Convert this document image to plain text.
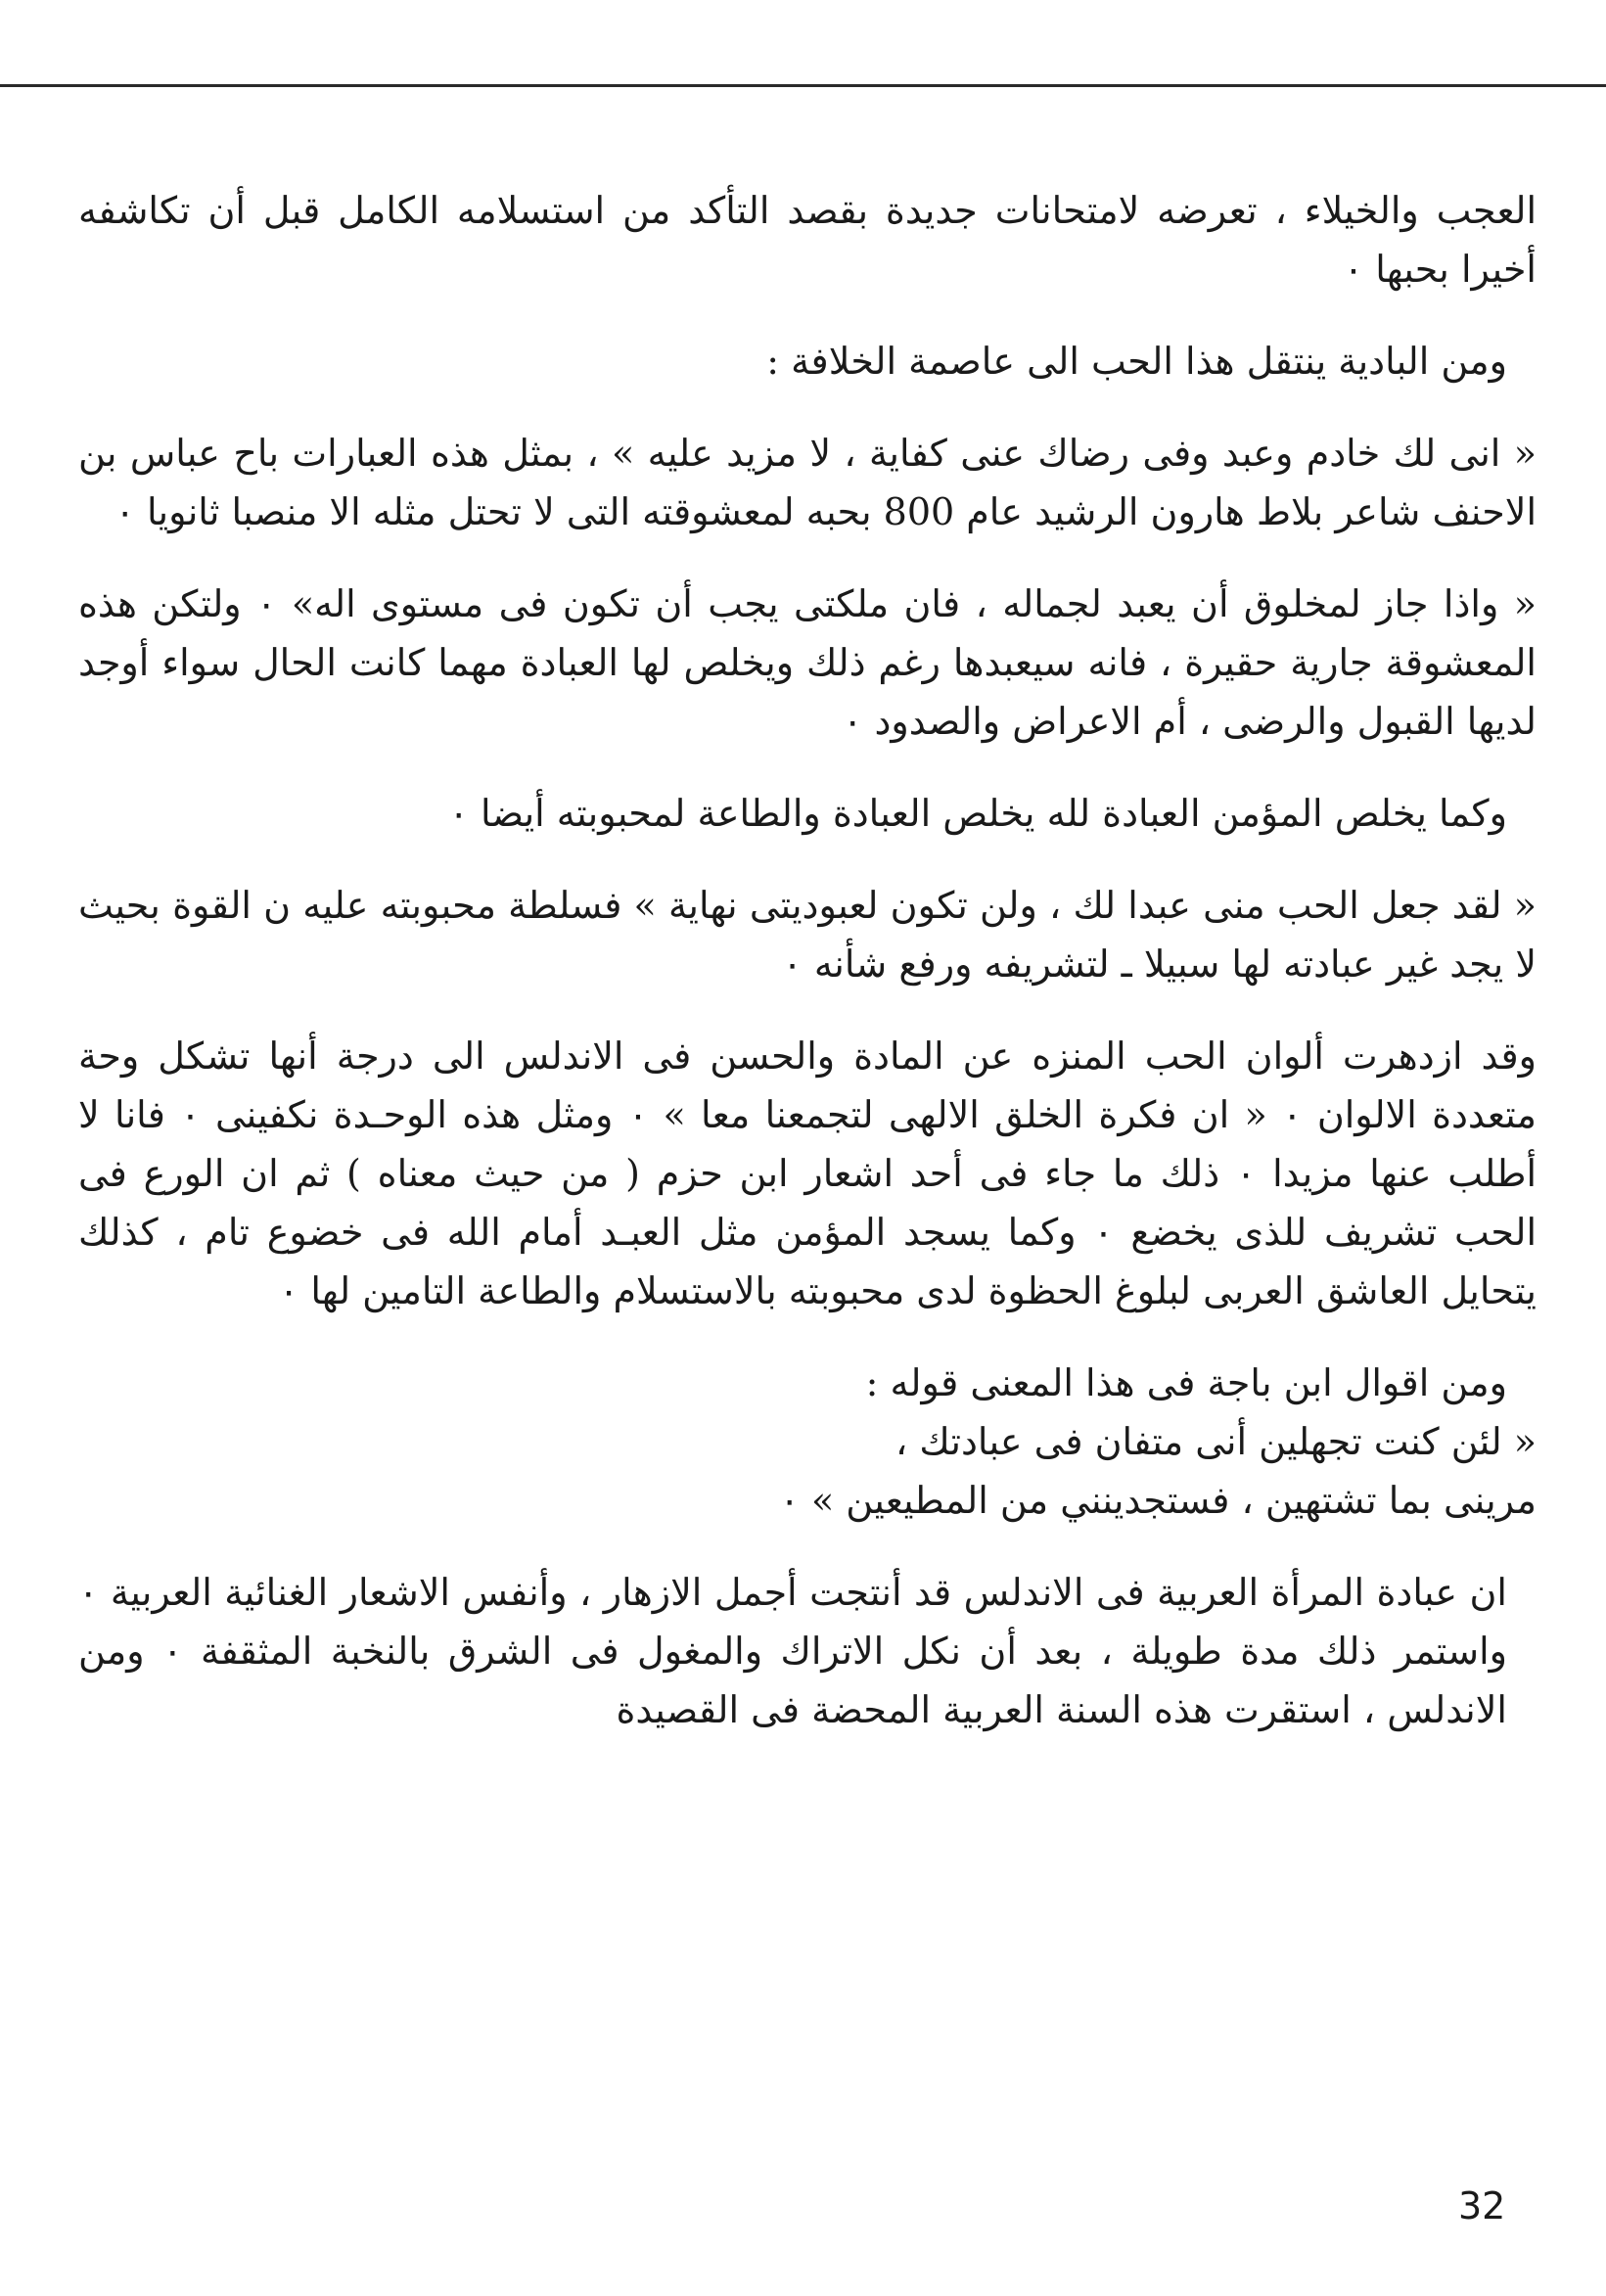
العجب والخيلاء ، تعرضه لامتحانات جديدة بقصد التأكد من استسلامه الكامل قبل أن تكاشفه أخيرا بحبها ٠

ومن البادية ينتقل هذا الحب الى عاصمة الخلافة :

« انى لك خادم وعبد وفى رضاك عنى كفاية ، لا مزيد عليه » ، بمثل هذه العبارات باح عباس بن الاحنف شاعر بلاط هارون الرشيد عام 800 بحبه لمعشوقته التى لا تحتل مثله الا منصبا ثانويا ٠

« واذا جاز لمخلوق أن يعبد لجماله ، فان ملكتى يجب أن تكون فى مستوى اله» ٠ ولتكن هذه المعشوقة جارية حقيرة ، فانه سيعبدها رغم ذلك ويخلص لها العبادة مهما كانت الحال سواء أوجد لديها القبول والرضى ، أم الاعراض والصدود ٠

وكما يخلص المؤمن العبادة لله يخلص العبادة والطاعة لمحبوبته أيضا ٠

« لقد جعل الحب منى عبدا لك ، ولن تكون لعبوديتى نهاية » فسلطة محبوبته عليه ن القوة بحيث لا يجد غير عبادته لها سبيلا ـ لتشريفه ورفع شأنه ٠

وقد ازدهرت ألوان الحب المنزه عن المادة والحسن فى الاندلس الى درجة أنها تشكل وحة متعددة الالوان ٠ « ان فكرة الخلق الالهى لتجمعنا معا » ٠ ومثل هذه الوحـدة نكفينى ٠ فانا لا أطلب عنها مزيدا ٠ ذلك ما جاء فى أحد اشعار ابن حزم ( من حيث معناه ) ثم ان الورع فى الحب تشريف للذى يخضع ٠ وكما يسجد المؤمن مثل العبـد أمام الله فى خضوع تام ، كذلك يتحايل العاشق العربى لبلوغ الحظوة لدى محبوبته بالاستسلام والطاعة التامين لها ٠

ومن اقوال ابن باجة فى هذا المعنى قوله :
« لئن كنت تجهلين أنى متفان فى عبادتك ،
مرينى بما تشتهين ، فستجدينني من المطيعين » ٠

ان عبادة المرأة العربية فى الاندلس قد أنتجت أجمل الازهار ، وأنفس الاشعار الغنائية العربية ٠ واستمر ذلك مدة طويلة ، بعد أن نكل الاتراك والمغول فى الشرق بالنخبة المثقفة ٠ ومن الاندلس ، استقرت هذه السنة العربية المحضة فى القصيدة

32
